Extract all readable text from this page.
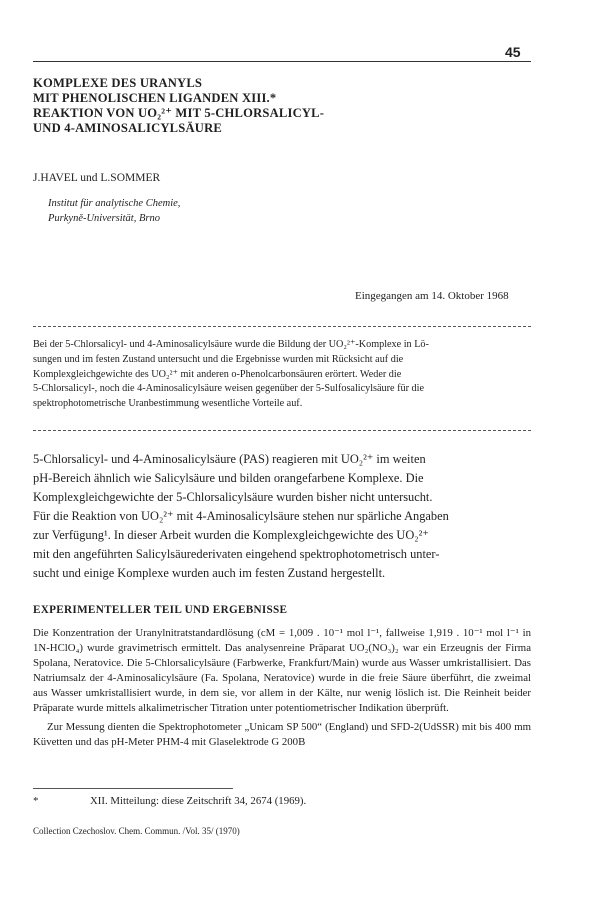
45
KOMPLEXE DES URANYLS
MIT PHENOLISCHEN LIGANDEN XIII.*
REAKTION VON UO₂²⁺ MIT 5-CHLORSALICYL-
UND 4-AMINOSALICYLSÄURE
J.HAVEL und L.SOMMER
Institut für analytische Chemie,
Purkyně-Universität, Brno
Eingegangen am 14. Oktober 1968
Bei der 5-Chlorsalicyl- und 4-Aminosalicylsäure wurde die Bildung der UO₂²⁺-Komplexe in Lö-
sungen und im festen Zustand untersucht und die Ergebnisse wurden mit Rücksicht auf die
Komplexgleichgewichte des UO₂²⁺ mit anderen o-Phenolcarbonsäuren erörtert. Weder die
5-Chlorsalicyl-, noch die 4-Aminosalicylsäure weisen gegenüber der 5-Sulfosalicylsäure für die
spektrophotometrische Uranbestimmung wesentliche Vorteile auf.
5-Chlorsalicyl- und 4-Aminosalicylsäure (PAS) reagieren mit UO₂²⁺ im weiten
pH-Bereich ähnlich wie Salicylsäure und bilden orangefarbene Komplexe. Die
Komplexgleichgewichte der 5-Chlorsalicylsäure wurden bisher nicht untersucht.
Für die Reaktion von UO₂²⁺ mit 4-Aminosalicylsäure stehen nur spärliche Angaben
zur Verfügung¹. In dieser Arbeit wurden die Komplexgleichgewichte des UO₂²⁺
mit den angeführten Salicylsäurederivaten eingehend spektrophotometrisch unter-
sucht und einige Komplexe wurden auch im festen Zustand hergestellt.
EXPERIMENTELLER TEIL UND ERGEBNISSE

Die Konzentration der Uranylnitratstandardlösung (cM = 1,009 . 10⁻¹ mol l⁻¹, fallweise 1,919 . 10⁻¹ mol l⁻¹ in 1N-HClO₄) wurde gravimetrisch ermittelt. Das analysenreine Präparat UO₂(NO₃)₂ war ein Erzeugnis der Firma Spolana, Neratovice. Die 5-Chlorsalicylsäure (Farbwerke, Frankfurt/Main) wurde aus Wasser umkristallisiert. Das Natriumsalz der 4-Aminosalicylsäure (Fa. Spolana, Neratovice) wurde in die freie Säure überführt, die zweimal aus Wasser umkristallisiert wurde, in dem sie, vor allem in der Kälte, nur wenig löslich ist. Die Reinheit beider Präparate wurde mittels alkalimetrischer Titration unter potentiometrischer Indikation überprüft.

Zur Messung dienten die Spektrophotometer „Unicam SP 500“ (England) und SFD-2(UdSSR) mit bis 400 mm Küvetten und das pH-Meter PHM-4 mit Glaselektrode G 200B

*	XII. Mitteilung: diese Zeitschrift 34, 2674 (1969).
Collection Czechoslov. Chem. Commun. /Vol. 35/ (1970)
